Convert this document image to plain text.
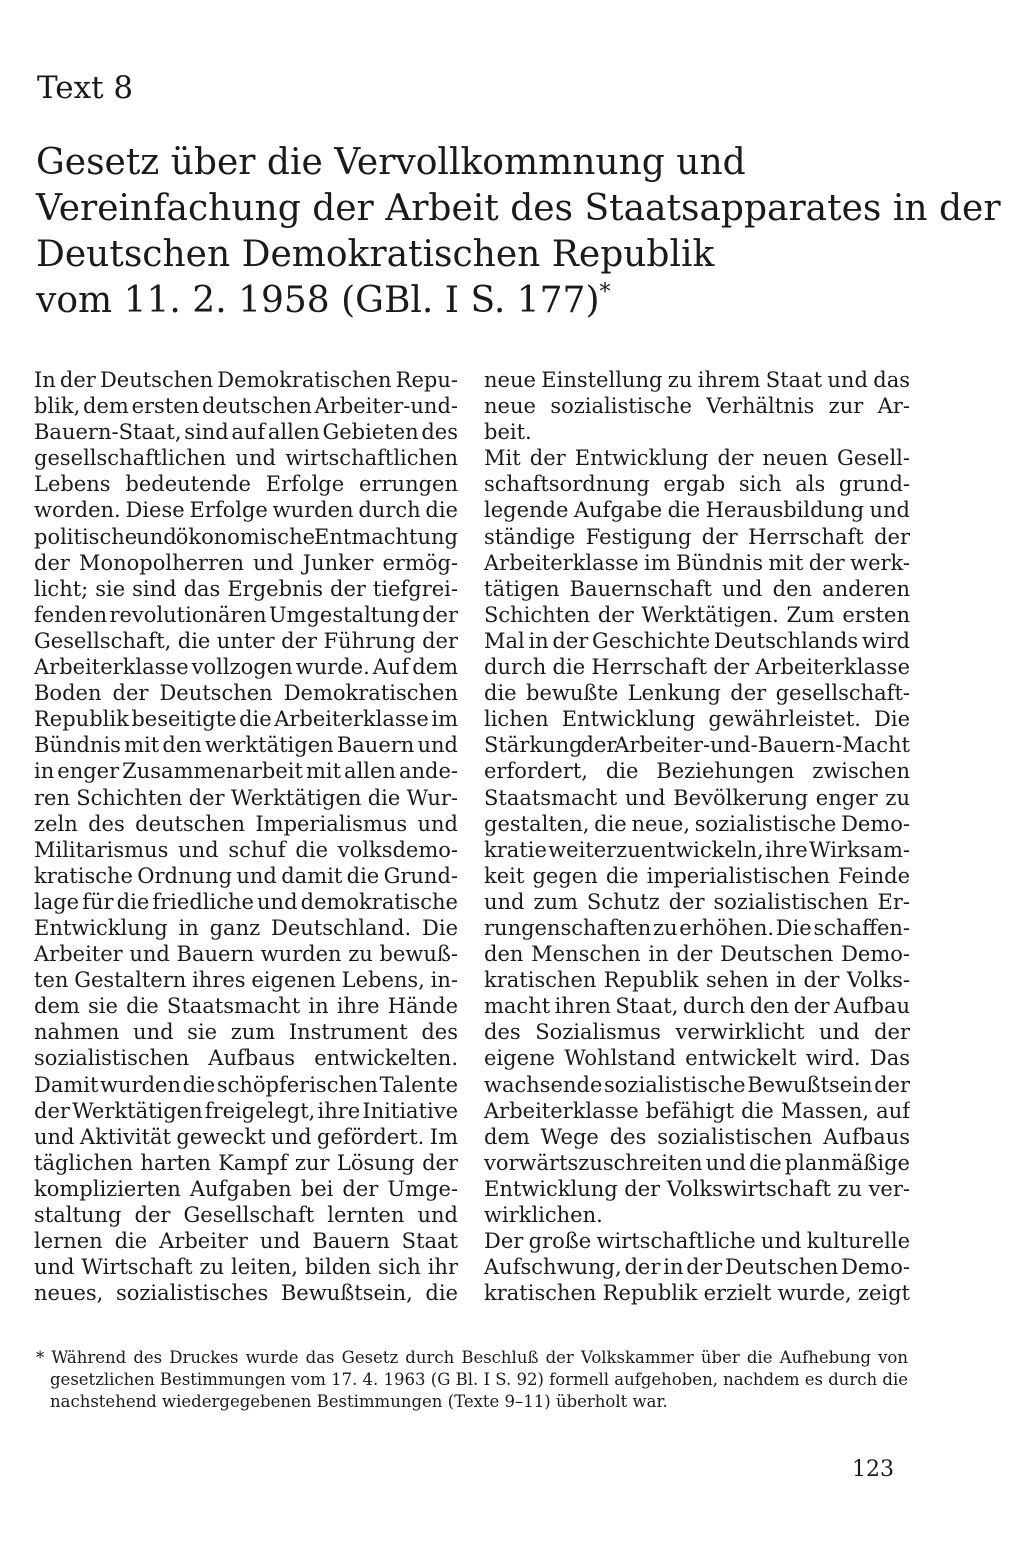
Text 8
Gesetz über die Vervollkommnung und
Vereinfachung der Arbeit des Staatsapparates in der
Deutschen Demokratischen Republik
vom 11. 2. 1958 (GBl. I S. 177)*
In der Deutschen Demokratischen Repu-
blik, dem ersten deutschen Arbeiter-und-
Bauern-Staat, sind auf allen Gebieten des
gesellschaftlichen und wirtschaftlichen
Lebens bedeutende Erfolge errungen
worden. Diese Erfolge wurden durch die
politische und ökonomische Entmachtung
der Monopolherren und Junker ermög-
licht; sie sind das Ergebnis der tiefgrei-
fenden revolutionären Umgestaltung der
Gesellschaft, die unter der Führung der
Arbeiterklasse vollzogen wurde. Auf dem
Boden der Deutschen Demokratischen
Republik beseitigte die Arbeiterklasse im
Bündnis mit den werktätigen Bauern und
in enger Zusammenarbeit mit allen ande-
ren Schichten der Werktätigen die Wur-
zeln des deutschen Imperialismus und
Militarismus und schuf die volksdemo-
kratische Ordnung und damit die Grund-
lage für die friedliche und demokratische
Entwicklung in ganz Deutschland. Die
Arbeiter und Bauern wurden zu bewuß-
ten Gestaltern ihres eigenen Lebens, in-
dem sie die Staatsmacht in ihre Hände
nahmen und sie zum Instrument des
sozialistischen Aufbaus entwickelten.
Damit wurden die schöpferischen Talente
der Werktätigen freigelegt, ihre Initiative
und Aktivität geweckt und gefördert. Im
täglichen harten Kampf zur Lösung der
komplizierten Aufgaben bei der Umge-
staltung der Gesellschaft lernten und
lernen die Arbeiter und Bauern Staat
und Wirtschaft zu leiten, bilden sich ihr
neues, sozialistisches Bewußtsein, die
neue Einstellung zu ihrem Staat und das
neue sozialistische Verhältnis zur Ar-
beit.
Mit der Entwicklung der neuen Gesell-
schaftsordnung ergab sich als grund-
legende Aufgabe die Herausbildung und
ständige Festigung der Herrschaft der
Arbeiterklasse im Bündnis mit der werk-
tätigen Bauernschaft und den anderen
Schichten der Werktätigen. Zum ersten
Mal in der Geschichte Deutschlands wird
durch die Herrschaft der Arbeiterklasse
die bewußte Lenkung der gesellschaft-
lichen Entwicklung gewährleistet. Die
Stärkung der Arbeiter-und-Bauern-Macht
erfordert, die Beziehungen zwischen
Staatsmacht und Bevölkerung enger zu
gestalten, die neue, sozialistische Demo-
kratie weiterzuentwickeln, ihre Wirksam-
keit gegen die imperialistischen Feinde
und zum Schutz der sozialistischen Er-
rungenschaften zu erhöhen. Die schaffen-
den Menschen in der Deutschen Demo-
kratischen Republik sehen in der Volks-
macht ihren Staat, durch den der Aufbau
des Sozialismus verwirklicht und der
eigene Wohlstand entwickelt wird. Das
wachsende sozialistische Bewußtsein der
Arbeiterklasse befähigt die Massen, auf
dem Wege des sozialistischen Aufbaus
vorwärtszuschreiten und die planmäßige
Entwicklung der Volkswirtschaft zu ver-
wirklichen.
Der große wirtschaftliche und kulturelle
Aufschwung, der in der Deutschen Demo-
kratischen Republik erzielt wurde, zeigt
* Während des Druckes wurde das Gesetz durch Beschluß der Volkskammer über die Aufhebung von
gesetzlichen Bestimmungen vom 17. 4. 1963 (G Bl. I S. 92) formell aufgehoben, nachdem es durch die
nachstehend wiedergegebenen Bestimmungen (Texte 9–11) überholt war.
123
